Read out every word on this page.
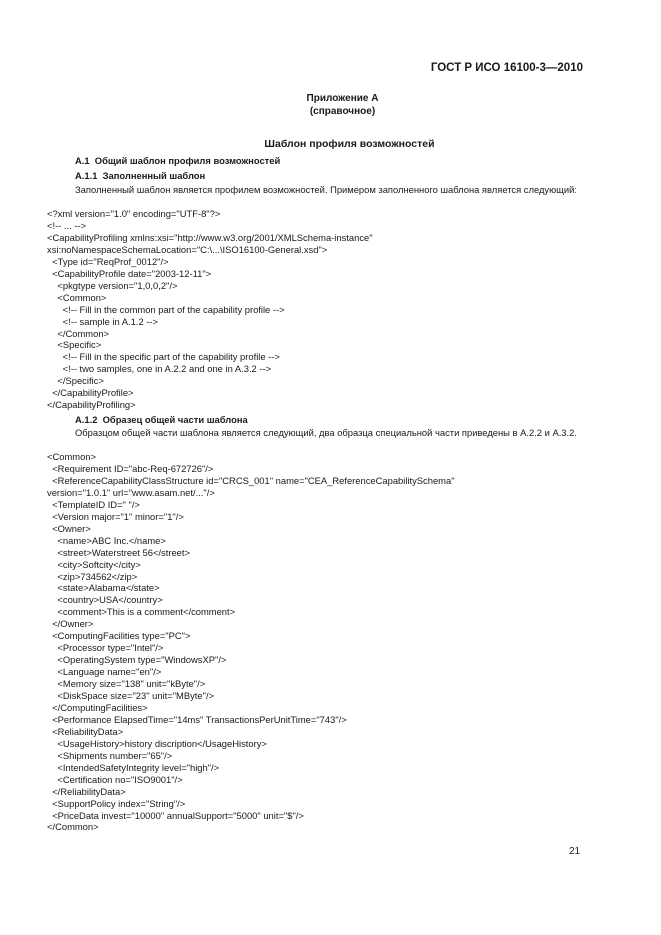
ГОСТ Р ИСО 16100-3—2010
Приложение А
(справочное)
Шаблон профиля возможностей
А.1  Общий шаблон профиля возможностей
А.1.1  Заполненный шаблон
Заполненный шаблон является профилем возможностей. Примером заполненного шаблона является следующий:
<?xml version="1.0" encoding="UTF-8"?>
<!-- ... -->
<CapabilityProfiling xmlns:xsi="http://www.w3.org/2001/XMLSchema-instance"
xsi:noNamespaceSchemaLocation="C:\...\ISO16100-General.xsd">
<Type id="ReqProf_0012"/>
<CapabilityProfile date="2003-12-11">
<pkgtype version="1,0,0,2"/>
<Common>
<!-- Fill in the common part of the capability profile -->
<!-- sample in A.1.2 -->
</Common>
<Specific>
<!-- Fill in the specific part of the capability profile -->
<!-- two samples, one in A.2.2 and one in A.3.2 -->
</Specific>
</CapabilityProfile>
</CapabilityProfiling>
А.1.2  Образец общей части шаблона
Образцом общей части шаблона является следующий, два образца специальной части приведены в А.2.2 и А.3.2.
<Common>
<Requirement ID="abc-Req-672726"/>
<ReferenceCapabilityClassStructure id="CRCS_001" name="CEA_ReferenceCapabilitySchema"
version="1.0.1" url="www.asam.net/..."/>
<TemplateID ID=" "/>
<Version major="1" minor="1"/>
<Owner>
<name>ABC Inc.</name>
<street>Waterstreet 56</street>
<city>Softcity</city>
<zip>734562</zip>
<state>Alabama</state>
<country>USA</country>
<comment>This is a comment</comment>
</Owner>
<ComputingFacilities type="PC">
<Processor type="Intel"/>
<OperatingSystem type="WindowsXP"/>
<Language name="en"/>
<Memory size="138" unit="kByte"/>
<DiskSpace size="23" unit="MByte"/>
</ComputingFacilities>
<Performance ElapsedTime="14ms" TransactionsPerUnitTime="743"/>
<ReliabilityData>
<UsageHistory>history discription</UsageHistory>
<Shipments number="65"/>
<IntendedSafetyIntegrity level="high"/>
<Certification no="ISO9001"/>
</ReliabilityData>
<SupportPolicy index="String"/>
<PriceData invest="10000" annualSupport="5000" unit="$"/>
</Common>
21
